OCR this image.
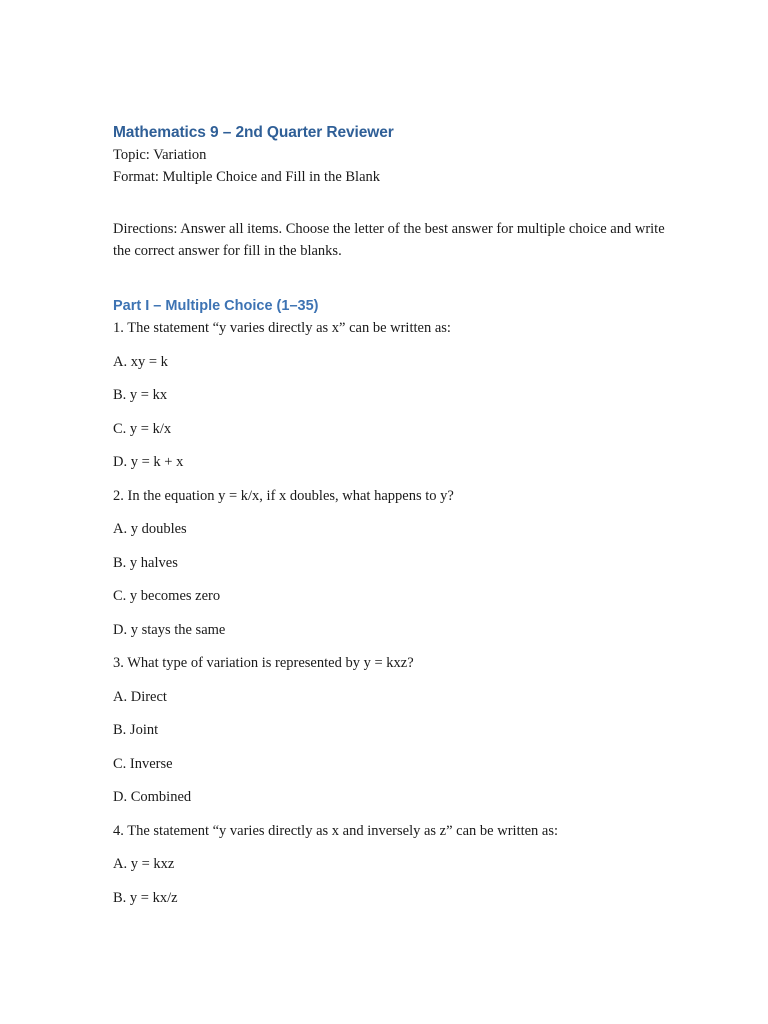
Mathematics 9 – 2nd Quarter Reviewer

Topic: Variation

Format: Multiple Choice and Fill in the Blank

Directions: Answer all items. Choose the letter of the best answer for multiple choice and write the correct answer for fill in the blanks.

Part I – Multiple Choice (1–35)

1. The statement “y varies directly as x” can be written as:

A. xy = k

B. y = kx

C. y = k/x

D. y = k + x

2. In the equation y = k/x, if x doubles, what happens to y?

A. y doubles

B. y halves

C. y becomes zero

D. y stays the same

3. What type of variation is represented by y = kxz?

A. Direct

B. Joint

C. Inverse

D. Combined

4. The statement “y varies directly as x and inversely as z” can be written as:

A. y = kxz

B. y = kx/z
